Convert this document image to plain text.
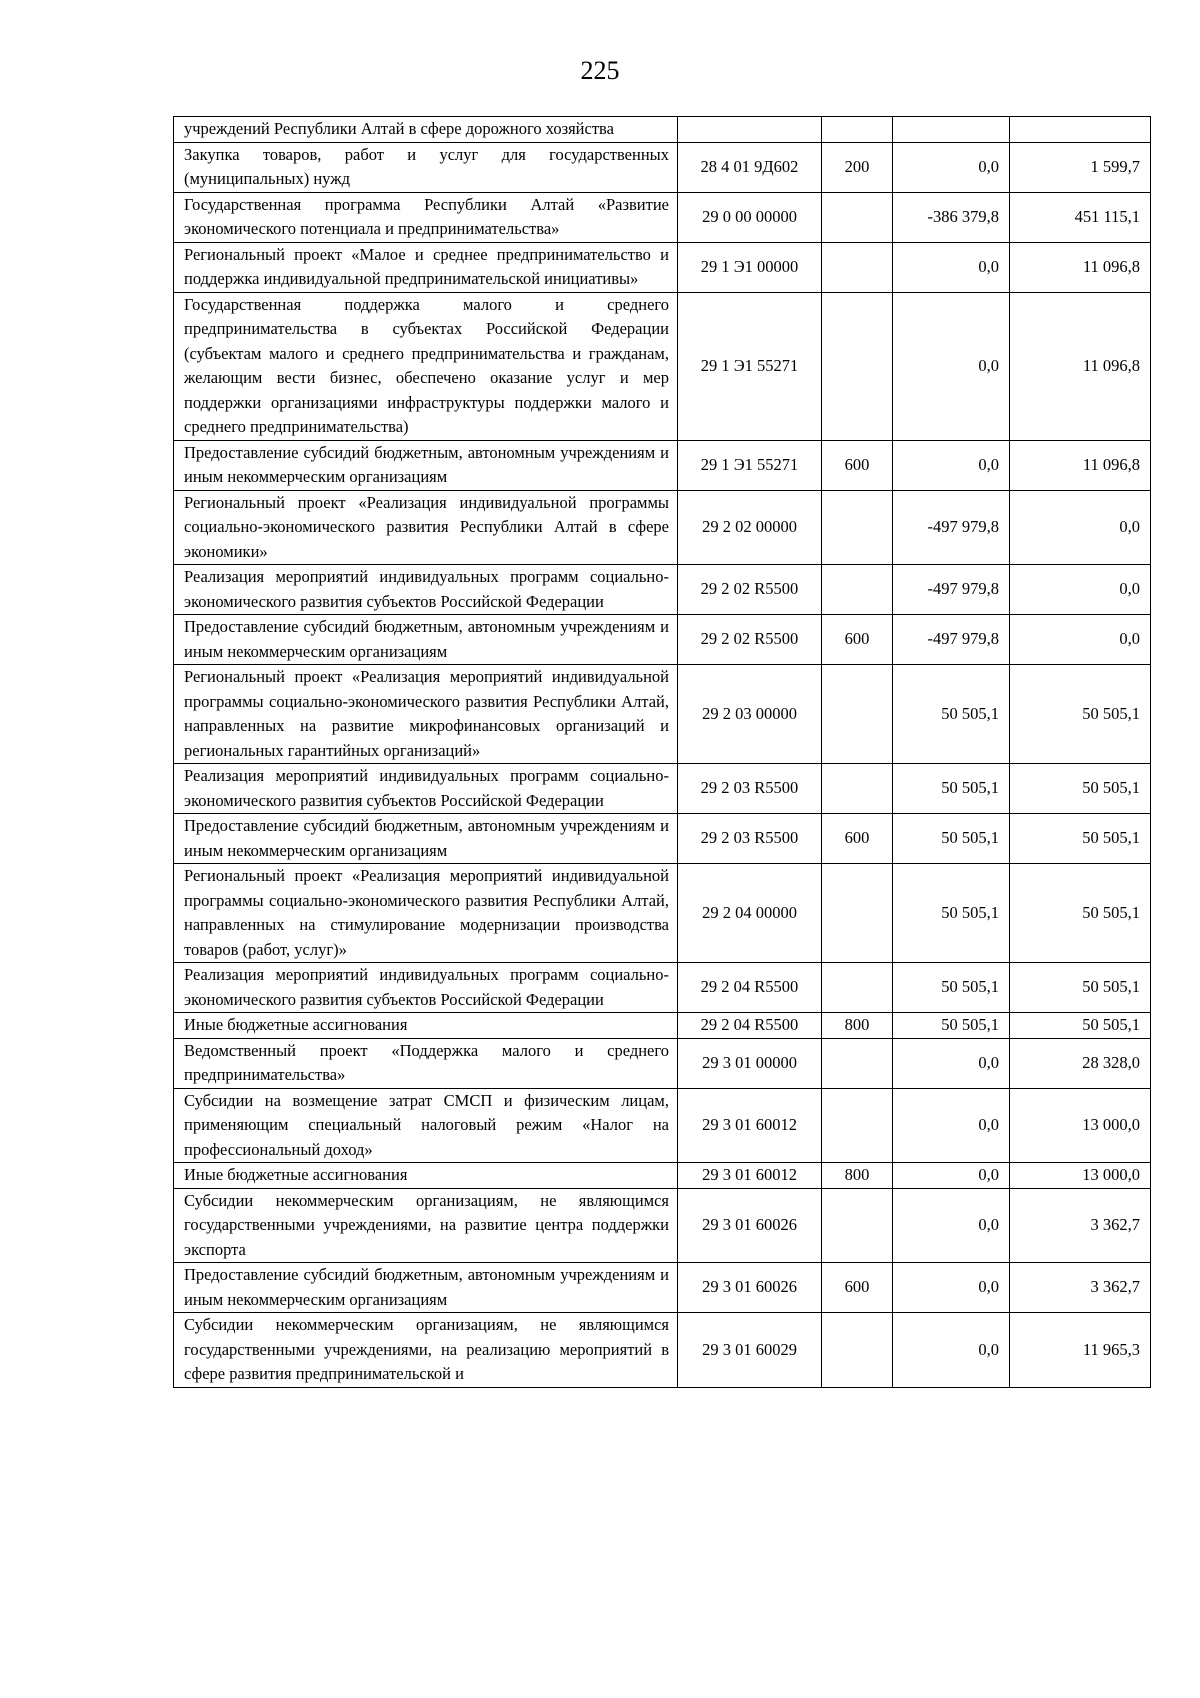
225
учреждений Республики Алтай в сфере дорожного хозяйства				
Закупка товаров, работ и услуг для государственных (муниципальных) нужд	28 4 01 9Д602	200	0,0	1 599,7
Государственная программа Республики Алтай «Развитие экономического потенциала и предпринимательства»	29 0 00 00000		-386 379,8	451 115,1
Региональный проект «Малое и среднее предпринимательство и поддержка индивидуальной предпринимательской инициативы»	29 1 Э1 00000		0,0	11 096,8
Государственная поддержка малого и среднего предпринимательства в субъектах Российской Федерации (субъектам малого и среднего предпринимательства и гражданам, желающим вести бизнес, обеспечено оказание услуг и мер поддержки организациями инфраструктуры поддержки малого и среднего предпринимательства)	29 1 Э1 55271		0,0	11 096,8
Предоставление субсидий бюджетным, автономным учреждениям и иным некоммерческим организациям	29 1 Э1 55271	600	0,0	11 096,8
Региональный проект «Реализация индивидуальной программы социально-экономического развития Республики Алтай в сфере экономики»	29 2 02 00000		-497 979,8	0,0
Реализация мероприятий индивидуальных программ социально-экономического развития субъектов Российской Федерации	29 2 02 R5500		-497 979,8	0,0
Предоставление субсидий бюджетным, автономным учреждениям и иным некоммерческим организациям	29 2 02 R5500	600	-497 979,8	0,0
Региональный проект «Реализация мероприятий индивидуальной программы социально-экономического развития Республики Алтай, направленных на развитие микрофинансовых организаций и региональных гарантийных организаций»	29 2 03 00000		50 505,1	50 505,1
Реализация мероприятий индивидуальных программ социально-экономического развития субъектов Российской Федерации	29 2 03 R5500		50 505,1	50 505,1
Предоставление субсидий бюджетным, автономным учреждениям и иным некоммерческим организациям	29 2 03 R5500	600	50 505,1	50 505,1
Региональный проект «Реализация мероприятий индивидуальной программы социально-экономического развития Республики Алтай, направленных на стимулирование модернизации производства товаров (работ, услуг)»	29 2 04 00000		50 505,1	50 505,1
Реализация мероприятий индивидуальных программ социально-экономического развития субъектов Российской Федерации	29 2 04 R5500		50 505,1	50 505,1
Иные бюджетные ассигнования	29 2 04 R5500	800	50 505,1	50 505,1
Ведомственный проект «Поддержка малого и среднего предпринимательства»	29 3 01 00000		0,0	28 328,0
Субсидии на возмещение затрат СМСП и физическим лицам, применяющим специальный налоговый режим «Налог на профессиональный доход»	29 3 01 60012		0,0	13 000,0
Иные бюджетные ассигнования	29 3 01 60012	800	0,0	13 000,0
Субсидии некоммерческим организациям, не являющимся государственными учреждениями, на развитие центра поддержки экспорта	29 3 01 60026		0,0	3 362,7
Предоставление субсидий бюджетным, автономным учреждениям и иным некоммерческим организациям	29 3 01 60026	600	0,0	3 362,7
Субсидии некоммерческим организациям, не являющимся государственными учреждениями, на реализацию мероприятий в сфере развития предпринимательской и	29 3 01 60029		0,0	11 965,3
